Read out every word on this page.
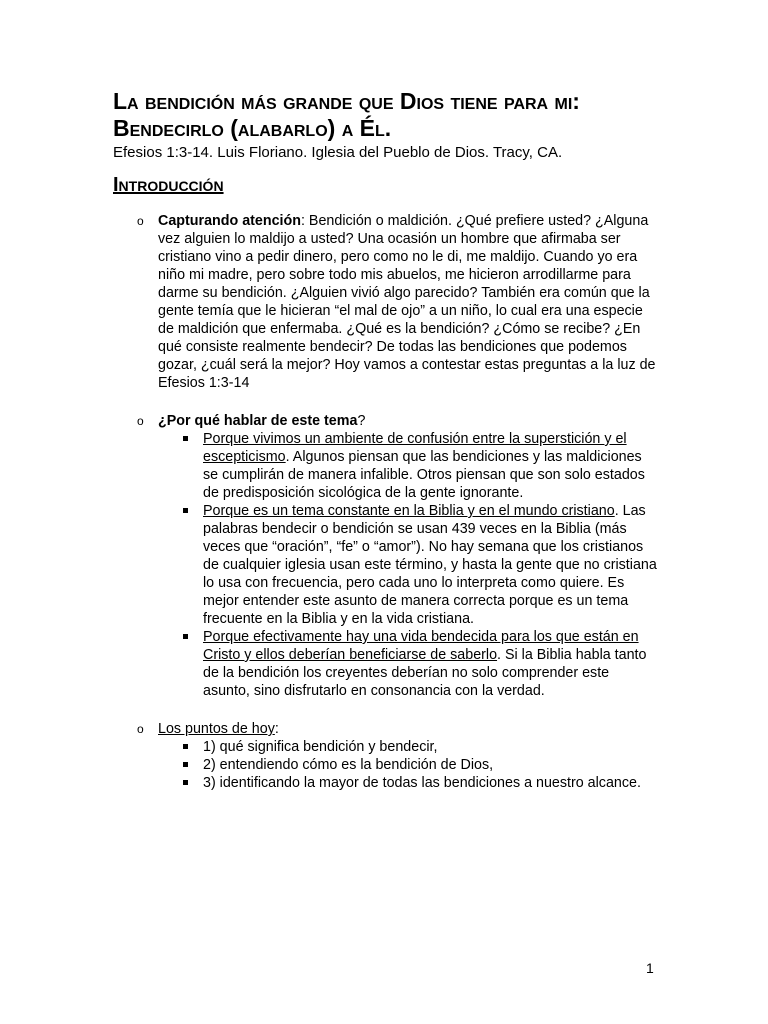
La bendición más grande que Dios tiene para mi:
Bendecirlo (alabarlo) a Él.
Efesios 1:3-14. Luis Floriano. Iglesia del Pueblo de Dios. Tracy, CA.
Introducción
o Capturando atención: Bendición o maldición. ¿Qué prefiere usted? ¿Alguna vez alguien lo maldijo a usted? Una ocasión un hombre que afirmaba ser cristiano vino a pedir dinero, pero como no le di, me maldijo. Cuando yo era niño mi madre, pero sobre todo mis abuelos, me hicieron arrodillarme para darme su bendición. ¿Alguien vivió algo parecido? También era común que la gente temía que le hicieran “el mal de ojo” a un niño, lo cual era una especie de maldición que enfermaba. ¿Qué es la bendición? ¿Cómo se recibe? ¿En qué consiste realmente bendecir? De todas las bendiciones que podemos gozar, ¿cuál será la mejor? Hoy vamos a contestar estas preguntas a la luz de Efesios 1:3-14

o ¿Por qué hablar de este tema?

Porque vivimos un ambiente de confusión entre la superstición y el escepticismo. Algunos piensan que las bendiciones y las maldiciones se cumplirán de manera infalible. Otros piensan que son solo estados de predisposición sicológica de la gente ignorante.
Porque es un tema constante en la Biblia y en el mundo cristiano. Las palabras bendecir o bendición se usan 439 veces en la Biblia (más veces que “oración”, “fe” o “amor”). No hay semana que los cristianos de cualquier iglesia usan este término, y hasta la gente que no cristiana lo usa con frecuencia, pero cada uno lo interpreta como quiere. Es mejor entender este asunto de manera correcta porque es un tema frecuente en la Biblia y en la vida cristiana.
Porque efectivamente hay una vida bendecida para los que están en Cristo y ellos deberían beneficiarse de saberlo. Si la Biblia habla tanto de la bendición los creyentes deberían no solo comprender este asunto, sino disfrutarlo en consonancia con la verdad.
o Los puntos de hoy:

1) qué significa bendición y bendecir,
2) entendiendo cómo es la bendición de Dios,
3) identificando la mayor de todas las bendiciones a nuestro alcance.
1
